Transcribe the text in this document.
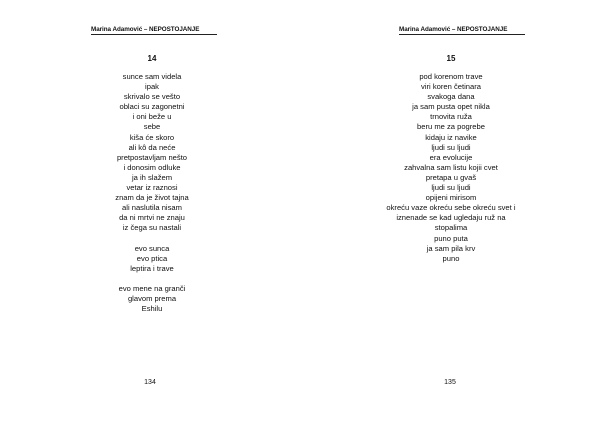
Marina Adamović – NEPOSTOJANJE
14
sunce sam videla
ipak
skrivalo se vešto
oblaci su zagonetni
i oni beže u
sebe
kiša će skoro
ali kô da neće
pretpostavljam nešto
i donosim odluke
ja ih slažem
vetar iz raznosi
znam da je život tajna
ali naslutila nisam
da ni mrtvi ne znaju
iz čega su nastali
evo sunca
evo ptica
leptira i trave
evo mene na granči
glavom prema
Eshilu
134
Marina Adamović – NEPOSTOJANJE
15
pod korenom trave
viri koren četinara
svakoga dana
ja sam pusta opet nikla
trnovita ruža
beru me za pogrebe
kidaju iz navike
ljudi su ljudi
era evolucije
zahvalna sam listu kojii cvet
pretapa u gvaš
ljudi su ljudi
opijeni mirisom
okreću vaze okreću sebe okreću svet i
iznenade se kad ugledaju ruž na
stopalima
puno puta
ja sam pila krv
puno
135
